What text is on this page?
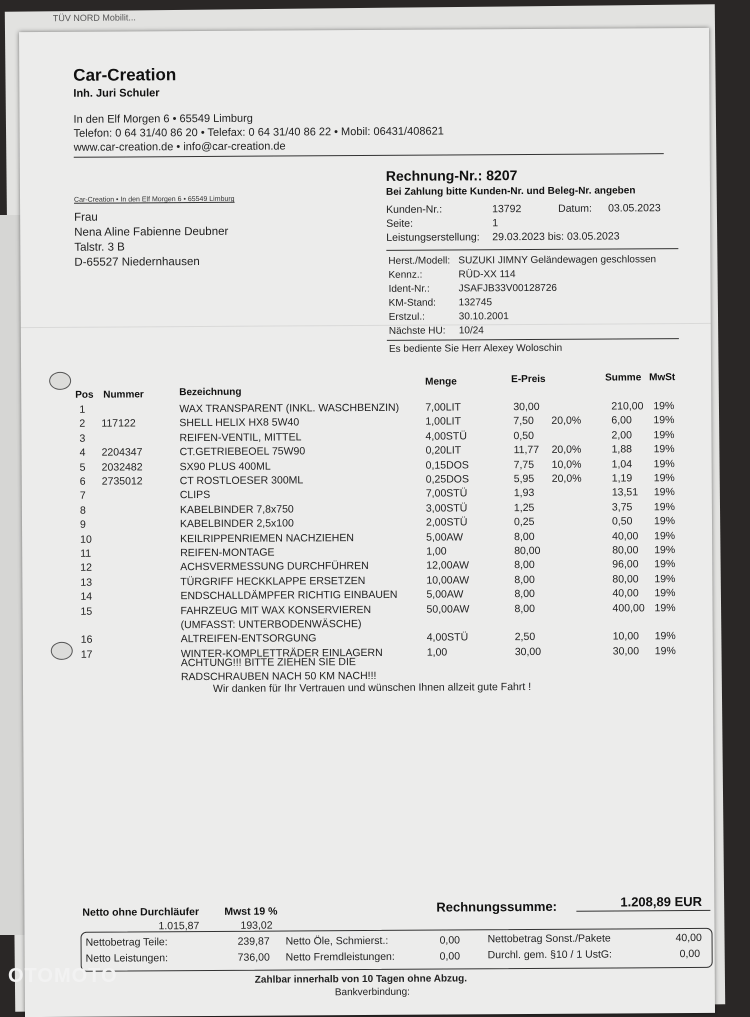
TÜV NORD Mobilit...
Car-Creation
Inh. Juri Schuler
In den Elf Morgen 6 • 65549 Limburg
Telefon: 0 64 31/40 86 20 • Telefax: 0 64 31/40 86 22 • Mobil: 06431/408621
www.car-creation.de • info@car-creation.de
Car-Creation • In den Elf Morgen 6 • 65549 Limburg
Frau
Nena Aline Fabienne Deubner
Talstr. 3 B
D-65527 Niedernhausen
Rechnung-Nr.: 8207
Bei Zahlung bitte Kunden-Nr. und Beleg-Nr. angeben
Kunden-Nr.:	13792	Datum: 03.05.2023
Seite:	1
Leistungserstellung: 29.03.2023 bis: 03.05.2023
Herst./Modell: SUZUKI JIMNY Geländewagen geschlossen
Kennz.:	RÜD-XX 114
Ident-Nr.:	JSAFJB33V00128726
KM-Stand: 132745
Erstzul.:	30.10.2001
Nächste HU: 10/24
Es bediente Sie Herr Alexey Woloschin
Menge	E-Preis	Summe MwSt
Pos Nummer	Bezeichnung
1	WAX TRANSPARENT (INKL. WASCHBENZIN) 7,00LIT	30,00	210,00 19%
2 117122	SHELL HELIX HX8 5W40	1,00LIT	7,50 20,0%	6,00 19%
3	REIFEN-VENTIL, MITTEL	4,00STÜ	0,50	2,00 19%
4 2204347	CT.GETRIEBEOEL 75W90	0,20LIT	11,77 20,0%	1,88 19%
5 2032482	SX90 PLUS 400ML	0,15DOS	7,75 10,0%	1,04 19%
6 2735012	CT ROSTLOESER 300ML	0,25DOS	5,95 20,0%	1,19 19%
7	CLIPS	7,00STÜ	1,93	13,51 19%
8	KABELBINDER 7,8x750	3,00STÜ	1,25	3,75 19%
9	KABELBINDER 2,5x100	2,00STÜ	0,25	0,50 19%
10	KEILRIPPENRIEMEN NACHZIEHEN	5,00AW	8,00	40,00 19%
11	REIFEN-MONTAGE	1,00	80,00	80,00 19%
12	ACHSVERMESSUNG DURCHFÜHREN	12,00AW	8,00	96,00 19%
13	TÜRGRIFF HECKKLAPPE ERSETZEN	10,00AW	8,00	80,00 19%
14	ENDSCHALLDÄMPFER RICHTIG EINBAUEN	5,00AW	8,00	40,00 19%
15	FAHRZEUG MIT WAX KONSERVIEREN	50,00AW	8,00	400,00 19%
(UMFASST: UNTERBODENWÄSCHE)
16	ALTREIFEN-ENTSORGUNG	4,00STÜ	2,50	10,00 19%
17	WINTER-KOMPLETTRÄDER EINLAGERN	1,00	30,00	30,00 19%
ACHTUNG!!! BITTE ZIEHEN SIE DIE
RADSCHRAUBEN NACH 50 KM NACH!!!
Wir danken für Ihr Vertrauen und wünschen Ihnen allzeit gute Fahrt !
Netto ohne Durchläufer
1.015,87
Mwst 19 %
193,02
Rechnungssumme:	1.208,89 EUR
Nettobetrag Teile:	239,87 Netto Öle, Schmierst.:	0,00	Nettobetrag Sonst./Pakete	40,00
Netto Leistungen:	736,00 Netto Fremdleistungen:	0,00	Durchl. gem. §10 / 1 UstG:	0,00
Zahlbar innerhalb von 10 Tagen ohne Abzug.
Bankverbindung:
OTOMOTO
